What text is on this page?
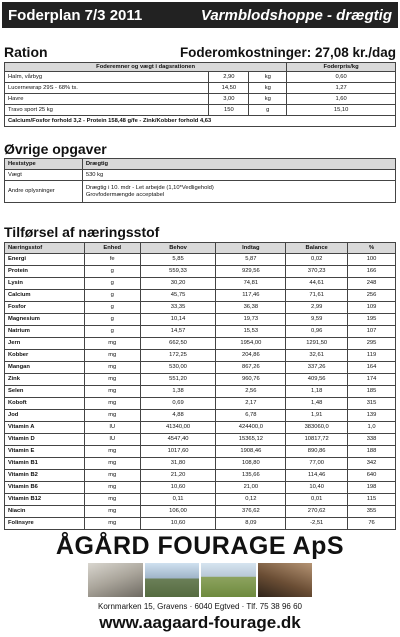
Foderplan 7/3 2011	Varmblodshoppe - drægtig
Ration	Foderomkostninger: 27,08 kr./dag
Foderemner og vægt i dagsrationen			Foderpris/kg
Halm, vårbyg	2,90	kg	0,60
Lucernewrap 29S - 68% ts.	14,50	kg	1,27
Havre	3,00	kg	1,60
Travo sport 25 kg	150	g	15,10
Calcium/Fosfor forhold 3,2 - Protein 158,48 g/fe - Zink/Kobber forhold 4,63			
Øvrige opgaver
Heststype	Drægtig
Vægt	530 kg
Andre oplysninger	Drægtig i 10. mdr - Let arbejde (1,10*Vedligehold)
Grovfodermængde acceptabel
Tilførsel af næringsstof
Næringsstof	Enhed	Behov	Indtag	Balance	%
Energi	fe	5,85	5,87	0,02	100
Protein	g	559,33	929,56	370,23	166
Lysin	g	30,20	74,81	44,61	248
Calcium	g	45,75	117,46	71,61	256
Fosfor	g	33,35	36,38	2,99	109
Magnesium	g	10,14	19,73	9,59	195
Natrium	g	14,57	15,53	0,96	107
Jern	mg	662,50	1954,00	1291,50	295
Kobber	mg	172,25	204,86	32,61	119
Mangan	mg	530,00	867,26	337,26	164
Zink	mg	551,20	960,76	409,56	174
Selen	mg	1,38	2,56	1,18	185
Koboft	mg	0,69	2,17	1,48	315
Jod	mg	4,88	6,78	1,91	139
Vitamin A	IU	41340,00	424400,0	383060,0	1,0
Vitamin D	IU	4547,40	15365,12	10817,72	338
Vitamin E	mg	1017,60	1908,46	890,86	188
Vitamin B1	mg	31,80	108,80	77,00	342
Vitamin B2	mg	21,20	135,66	114,46	640
Vitamin B6	mg	10,60	21,00	10,40	198
Vitamin B12	mg	0,11	0,12	0,01	115
Niacin	mg	106,00	376,62	270,62	355
Folinsyre	mg	10,60	8,09	-2,51	76
ÅGÅRD FOURAGE ApS
Kornmarken 15, Gravens · 6040 Egtved · Tlf. 75 38 96 60
www.aagaard-fourage.dk
